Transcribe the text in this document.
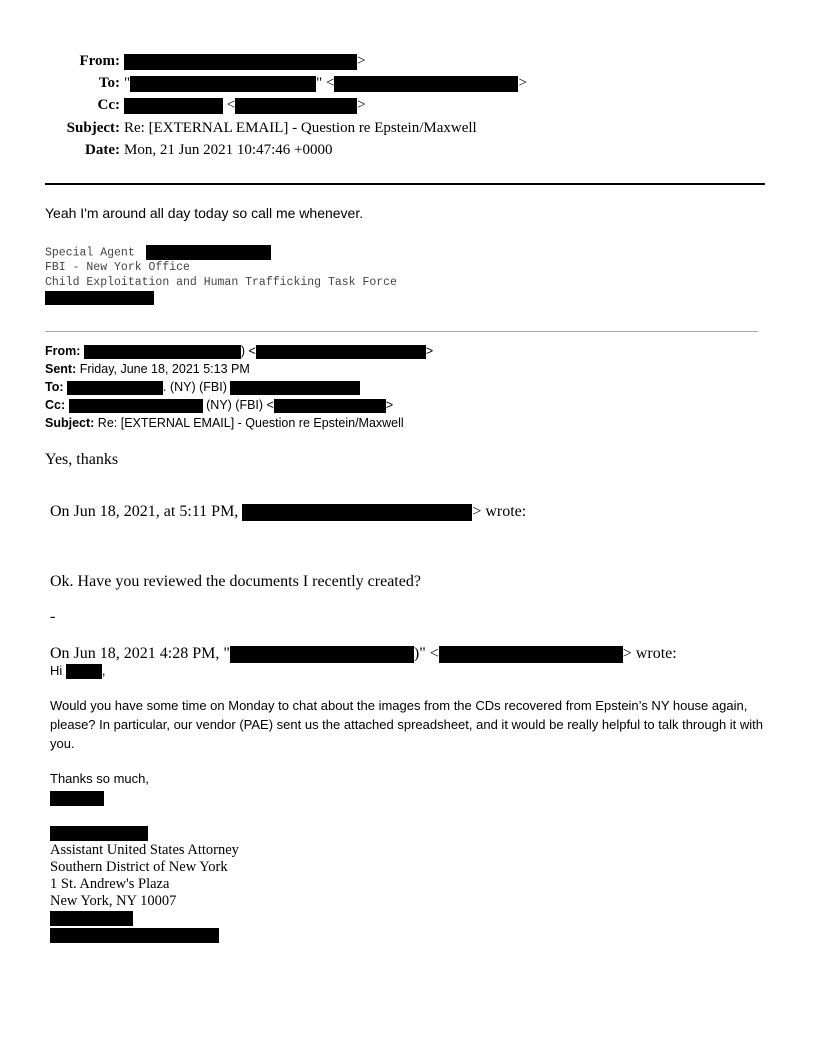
From:	>
To: "	" <	>
Cc:	<	>
Subject: Re: [EXTERNAL EMAIL] - Question re Epstein/Maxwell
Date: Mon, 21 Jun 2021 10:47:46 +0000
Yeah I'm around all day today so call me whenever.
Special Agent
FBI - New York Office
Child Exploitation and Human Trafficking Task Force
From:	) <	>
Sent: Friday, June 18, 2021 5:13 PM
To:	. (NY) (FBI)
Cc:	(NY) (FBI) <	>
Subject: Re: [EXTERNAL EMAIL] - Question re Epstein/Maxwell
Yes, thanks
On Jun 18, 2021, at 5:11 PM,	> wrote:
Ok. Have you reviewed the documents I recently created?
-
On Jun 18, 2021 4:28 PM, "	)" <	> wrote:
Hi	,
Would you have some time on Monday to chat about the images from the CDs recovered from Epstein’s NY house again, please? In particular, our vendor (PAE) sent us the attached spreadsheet, and it would be really helpful to talk through it with you.
Thanks so much,
Assistant United States Attorney
Southern District of New York
1 St. Andrew's Plaza
New York, NY 10007
